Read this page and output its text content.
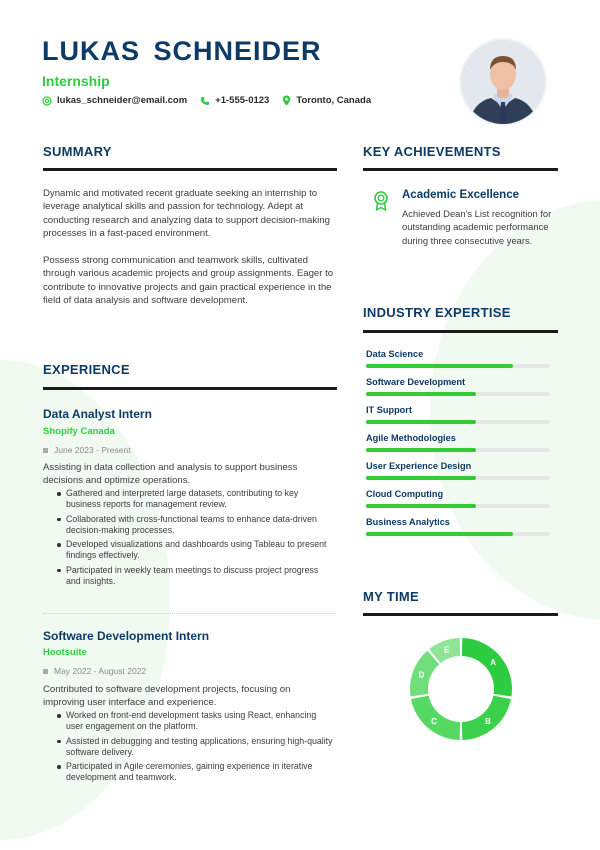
LUKAS SCHNEIDER
Internship
lukas_schneider@email.com	+1-555-0123	Toronto, Canada
SUMMARY
Dynamic and motivated recent graduate seeking an internship to leverage analytical skills and passion for technology. Adept at conducting research and analyzing data to support decision-making processes in a fast-paced environment.
Possess strong communication and teamwork skills, cultivated through various academic projects and group assignments. Eager to contribute to innovative projects and gain practical experience in the field of data analysis and software development.
EXPERIENCE
Data Analyst Intern
Shopify Canada
June 2023 - Present
Assisting in data collection and analysis to support business decisions and optimize operations.
Gathered and interpreted large datasets, contributing to key business reports for management review.
Collaborated with cross-functional teams to enhance data-driven decision-making processes.
Developed visualizations and dashboards using Tableau to present findings effectively.
Participated in weekly team meetings to discuss project progress and insights.
Software Development Intern
Hootsuite
May 2022 - August 2022
Contributed to software development projects, focusing on improving user interface and experience.
Worked on front-end development tasks using React, enhancing user engagement on the platform.
Assisted in debugging and testing applications, ensuring high-quality software delivery.
Participated in Agile ceremonies, gaining experience in iterative development and teamwork.
KEY ACHIEVEMENTS
Academic Excellence
Achieved Dean's List recognition for outstanding academic performance during three consecutive years.
INDUSTRY EXPERTISE
Data Science
Software Development
IT Support
Agile Methodologies
User Experience Design
Cloud Computing
Business Analytics
MY TIME
A
B
C
D
E
